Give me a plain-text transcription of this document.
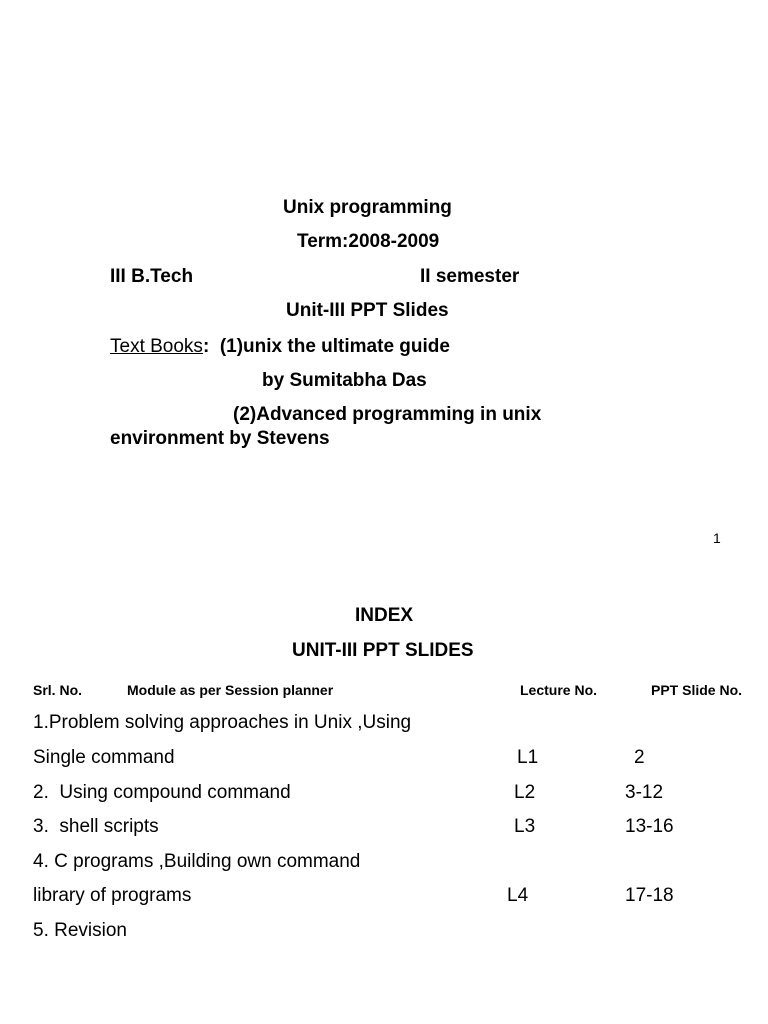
Unix programming
Term:2008-2009
III B.Tech	II semester
Unit-III PPT Slides
Text Books:  (1)unix the ultimate guide
by Sumitabha Das
(2)Advanced programming in unix
environment by Stevens
1
INDEX
UNIT-III PPT SLIDES
Srl. No.	Module as per Session planner	Lecture No.	PPT Slide No.
1.Problem solving approaches in Unix ,Using
Single command	L1	2
2.  Using compound command	L2	3-12
3.  shell scripts	L3	13-16
4. C programs ,Building own command
library of programs	L4	17-18
5. Revision
